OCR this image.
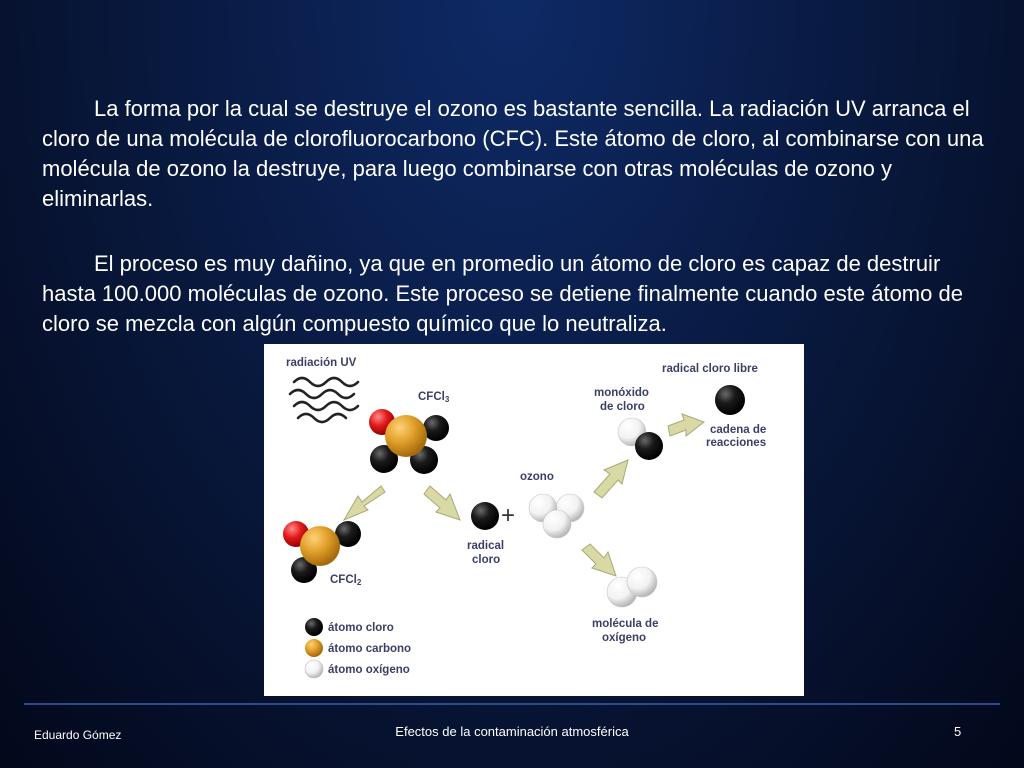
La forma por la cual se destruye el ozono es bastante sencilla. La radiación UV arranca el cloro de una molécula de clorofluorocarbono (CFC). Este átomo de cloro, al combinarse con una molécula de ozono la destruye, para luego combinarse con otras moléculas de ozono y eliminarlas.

El proceso es muy dañino, ya que en promedio un átomo de cloro es capaz de destruir hasta 100.000 moléculas de ozono. Este proceso se detiene finalmente cuando este átomo de cloro se mezcla con algún compuesto químico que lo neutraliza.

radiación UV
CFCl3
CFCl2
+
radical
cloro
ozono
monóxido
de cloro
radical cloro libre
cadena de
reacciones
molécula de
oxígeno
átomo cloro
átomo carbono
átomo oxígeno
Eduardo Gómez	Efectos de la contaminación atmosférica	5
